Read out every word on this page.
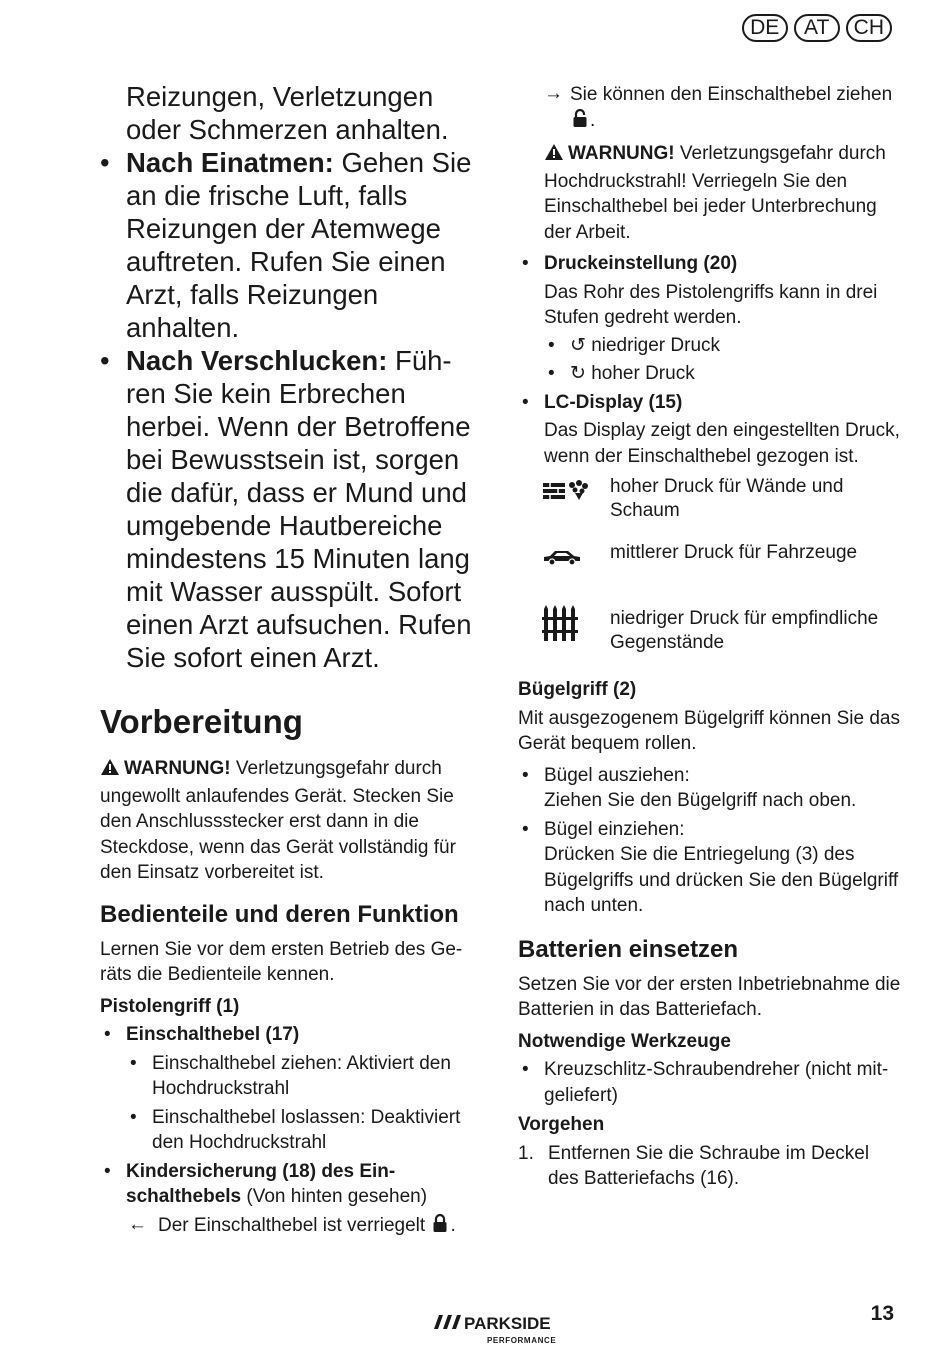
DE	AT	CH
Reizungen, Verletzungen oder Schmerzen anhalten.
• Nach Einatmen: Gehen Sie an die frische Luft, falls Reizungen der Atemwege auftreten. Rufen Sie einen Arzt, falls Reizungen anhalten.
• Nach Verschlucken: Führen Sie kein Erbrechen herbei. Wenn der Betroffene bei Bewusstsein ist, sorgen die dafür, dass er Mund und umgebende Hautbereiche mindestens 15 Minuten lang mit Wasser ausspült. Sofort einen Arzt aufsuchen. Rufen Sie sofort einen Arzt.
Vorbereitung
WARNUNG! Verletzungsgefahr durch ungewollt anlaufendes Gerät. Stecken Sie den Anschlussstecker erst dann in die Steckdose, wenn das Gerät vollständig für den Einsatz vorbereitet ist.
Bedienteile und deren Funktion
Lernen Sie vor dem ersten Betrieb des Geräts die Bedienteile kennen.
Pistolengriff (1)
• Einschalthebel (17)
• Einschalthebel ziehen: Aktiviert den Hochdruckstrahl
• Einschalthebel loslassen: Deaktiviert den Hochdruckstrahl
• Kindersicherung (18) des Einschalthebels (Von hinten gesehen)
← Der Einschalthebel ist verriegelt .
→ Sie können den Einschalthebel ziehen .
WARNUNG! Verletzungsgefahr durch Hochdruckstrahl! Verriegeln Sie den Einschalthebel bei jeder Unterbrechung der Arbeit.
• Druckeinstellung (20)
Das Rohr des Pistolengriffs kann in drei Stufen gedreht werden.
• ↺ niedriger Druck
• ↻ hoher Druck
• LC-Display (15)
Das Display zeigt den eingestellten Druck, wenn der Einschalthebel gezogen ist.
hoher Druck für Wände und Schaum
mittlerer Druck für Fahrzeuge
niedriger Druck für empfindliche Gegenstände
Bügelgriff (2)
Mit ausgezogenem Bügelgriff können Sie das Gerät bequem rollen.
• Bügel ausziehen:
Ziehen Sie den Bügelgriff nach oben.
• Bügel einziehen:
Drücken Sie die Entriegelung (3) des Bügelgriffs und drücken Sie den Bügelgriff nach unten.
Batterien einsetzen
Setzen Sie vor der ersten Inbetriebnahme die Batterien in das Batteriefach.
Notwendige Werkzeuge
• Kreuzschlitz-Schraubendreher (nicht mitgeliefert)
Vorgehen
1. Entfernen Sie die Schraube im Deckel des Batteriefachs (16).
PARKSIDE
PERFORMANCE
13
